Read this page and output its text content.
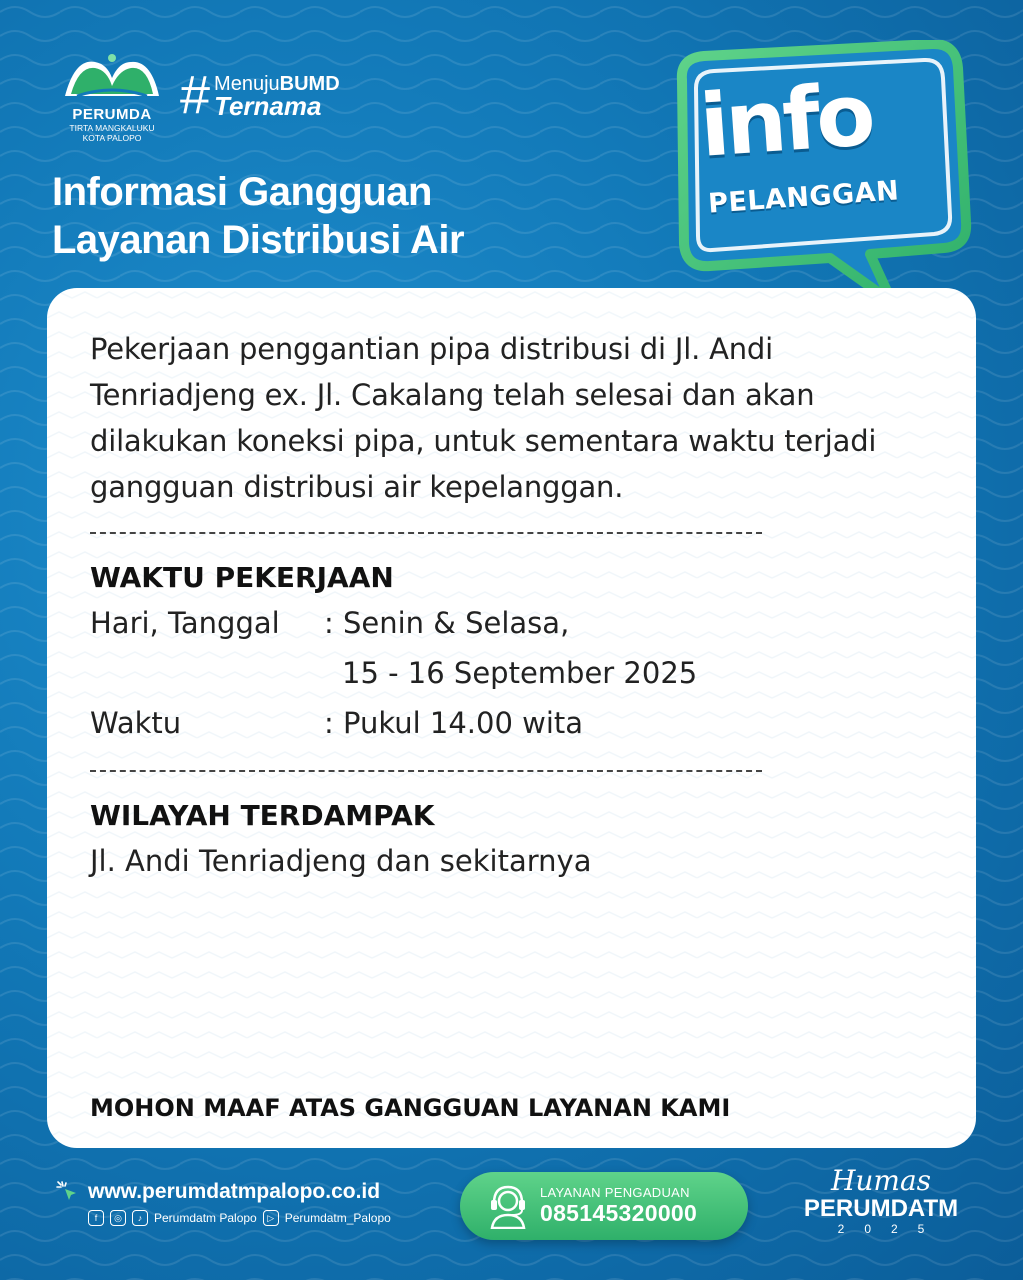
PERUMDA
TIRTA MANGKALUKU
KOTA PALOPO
# MenujuBUMD
Ternama
Informasi Gangguan
Layanan Distribusi Air
info
PELANGGAN
Pekerjaan penggantian pipa distribusi di Jl. Andi Tenriadjeng ex. Jl. Cakalang telah selesai dan akan dilakukan koneksi pipa, untuk sementara waktu terjadi gangguan distribusi air kepelanggan.
WAKTU PEKERJAAN
Hari, Tanggal	: Senin & Selasa,
15 - 16 September 2025
Waktu	: Pukul 14.00 wita
WILAYAH TERDAMPAK
Jl. Andi Tenriadjeng dan sekitarnya
MOHON MAAF ATAS GANGGUAN LAYANAN KAMI
www.perumdatmpalopo.co.id
f	◎	♪ Perumdatm Palopo	▷ Perumdatm_Palopo
LAYANAN PENGADUAN
085145320000
Humas
PERUMDATM
2025
